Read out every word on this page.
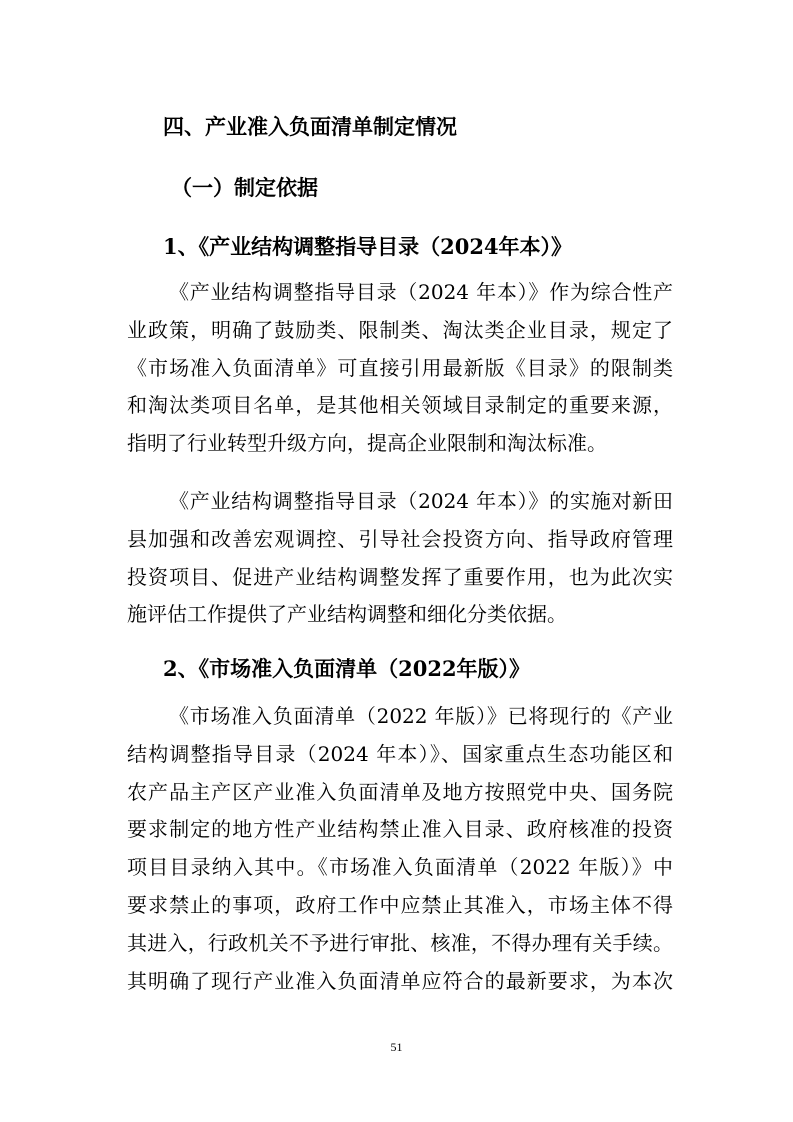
四、产业准入负面清单制定情况
（一）制定依据
1、《产业结构调整指导目录（2024年本）》
《产业结构调整指导目录（2024 年本）》作为综合性产
业政策，明确了鼓励类、限制类、淘汰类企业目录，规定了
《市场准入负面清单》可直接引用最新版《目录》的限制类
和淘汰类项目名单，是其他相关领域目录制定的重要来源，
指明了行业转型升级方向，提高企业限制和淘汰标准。
《产业结构调整指导目录（2024 年本）》的实施对新田
县加强和改善宏观调控、引导社会投资方向、指导政府管理
投资项目、促进产业结构调整发挥了重要作用，也为此次实
施评估工作提供了产业结构调整和细化分类依据。
2、《市场准入负面清单（2022年版）》
《市场准入负面清单（2022 年版）》已将现行的《产业
结构调整指导目录（2024 年本）》、国家重点生态功能区和
农产品主产区产业准入负面清单及地方按照党中央、国务院
要求制定的地方性产业结构禁止准入目录、政府核准的投资
项目目录纳入其中。《市场准入负面清单（2022 年版）》中
要求禁止的事项，政府工作中应禁止其准入，市场主体不得
其进入，行政机关不予进行审批、核准，不得办理有关手续。
其明确了现行产业准入负面清单应符合的最新要求，为本次
51
